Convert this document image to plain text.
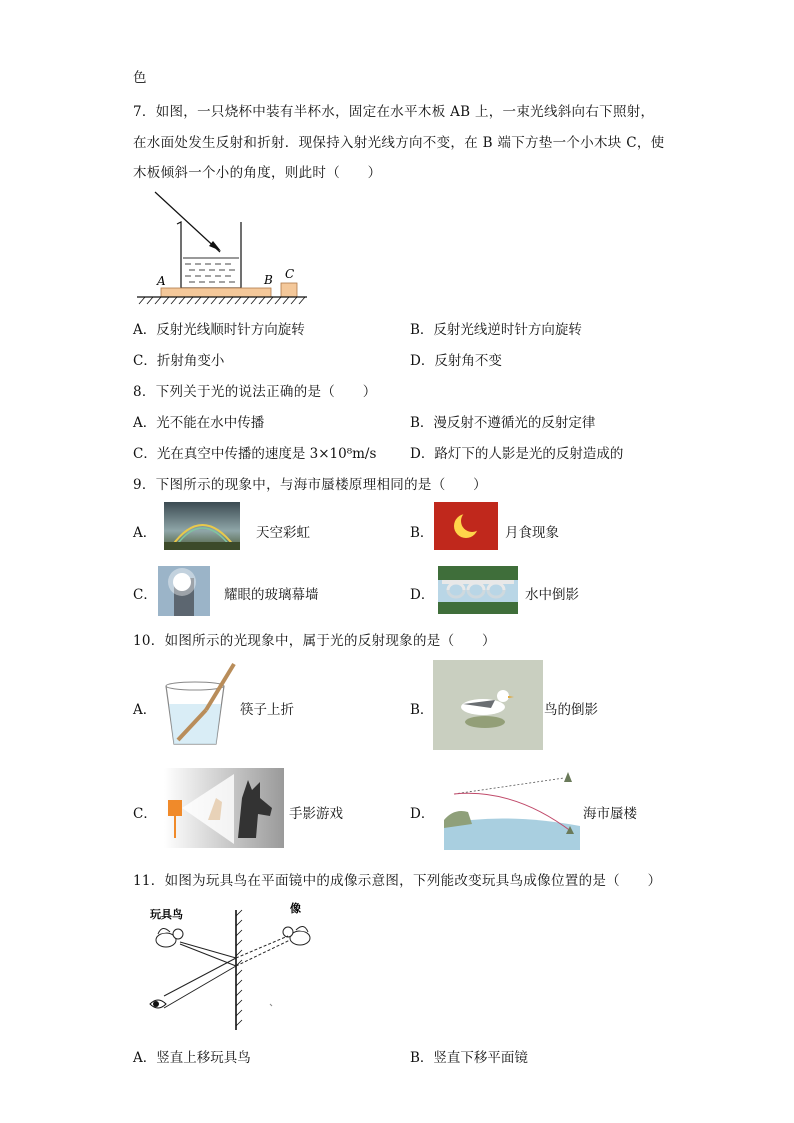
色
7．如图，一只烧杯中装有半杯水，固定在水平木板 AB 上，一束光线斜向右下照射，
在水面处发生反射和折射．现保持入射光线方向不变，在 B 端下方垫一个小木块 C，使
木板倾斜一个小的角度，则此时（　　）
A	B C
A．反射光线顺时针方向旋转	B．反射光线逆时针方向旋转
C．折射角变小	D．反射角不变
8．下列关于光的说法正确的是（　　）
A．光不能在水中传播	B．漫反射不遵循光的反射定律
C．光在真空中传播的速度是 3×10⁸m/s D．路灯下的人影是光的反射造成的
9．下图所示的现象中，与海市蜃楼原理相同的是（　　）
A．	天空彩虹	B．	月食现象
C．	耀眼的玻璃幕墙	D．	水中倒影
10．如图所示的光现象中，属于光的反射现象的是（　　）
A．	筷子上折	B．	鸟的倒影
C．	手影游戏	D．	海市蜃楼
11．如图为玩具鸟在平面镜中的成像示意图，下列能改变玩具鸟成像位置的是（　　）
玩具鸟	像
A．竖直上移玩具鸟	B．竖直下移平面镜
